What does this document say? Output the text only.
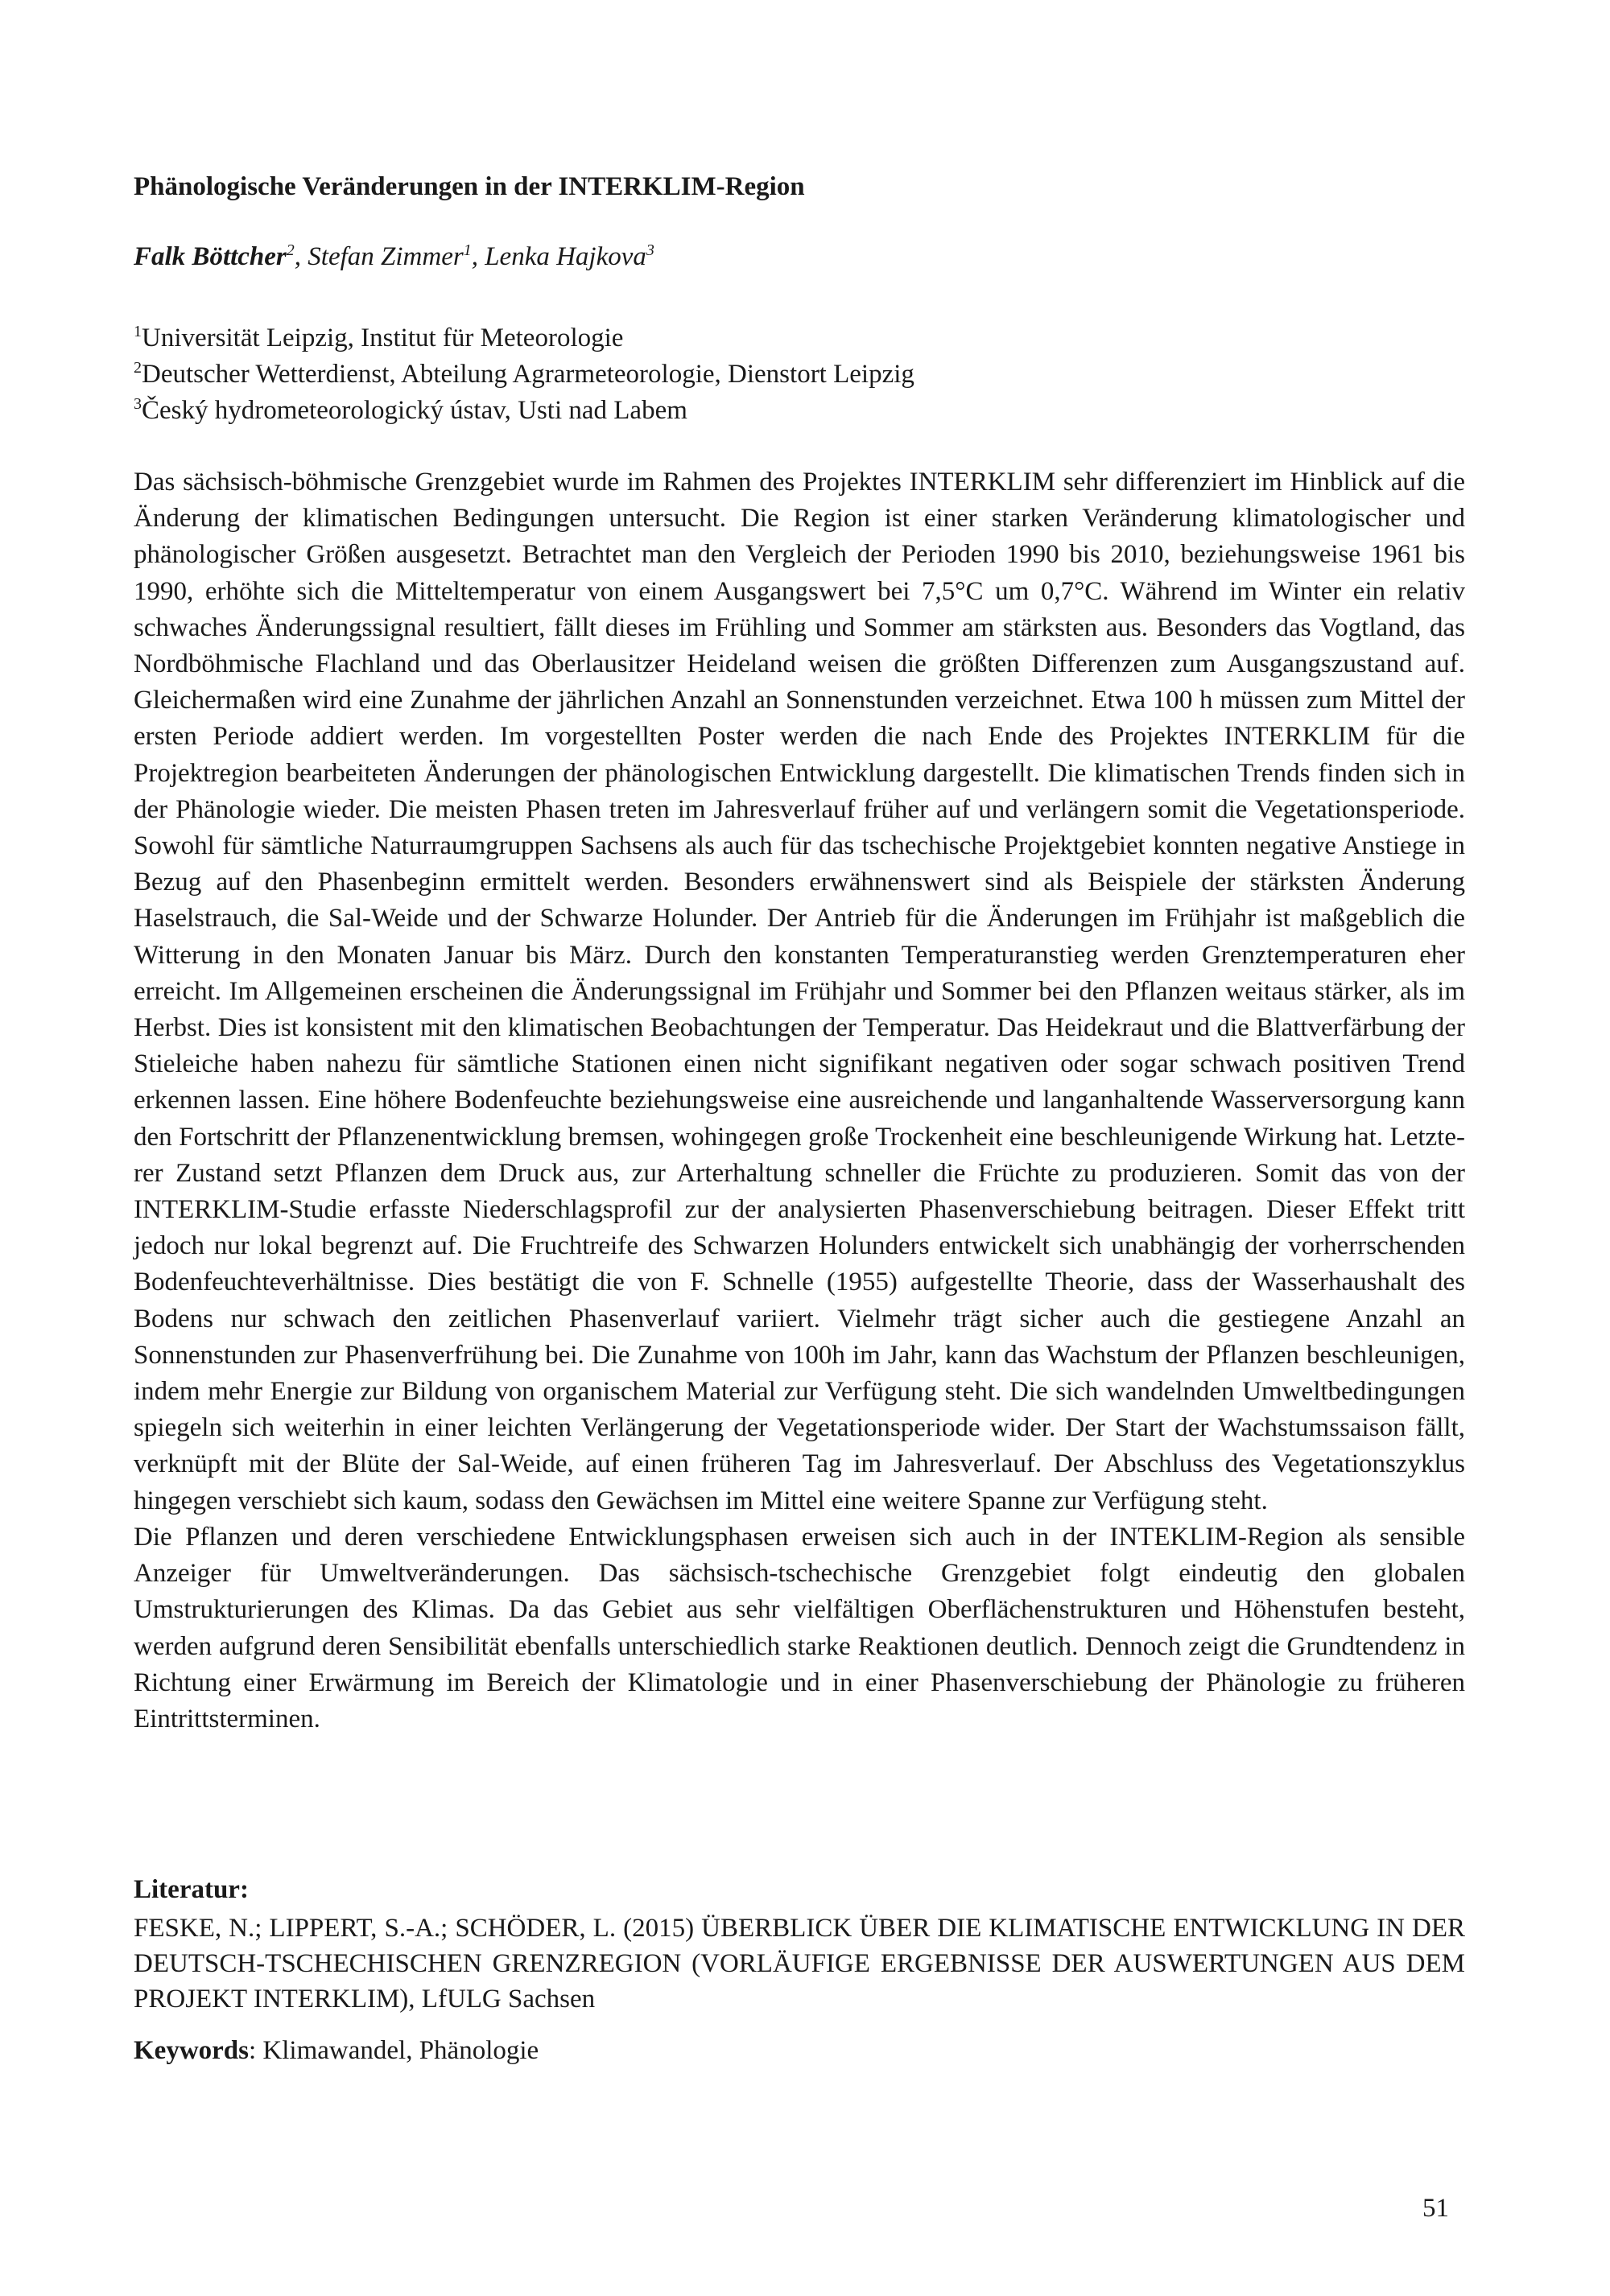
Phänologische Veränderungen in der INTERKLIM-Region
Falk Böttcher$^2$, Stefan Zimmer$^1$, Lenka Hajkova$^3$
$^1$Universität Leipzig, Institut für Meteorologie
$^2$Deutscher Wetterdienst, Abteilung Agrarmeteorologie, Dienstort Leipzig
$^3$Český hydrometeorologický ústav, Usti nad Labem

Das sächsisch-böhmische Grenzgebiet wurde im Rahmen des Projektes INTERKLIM sehr differenziert im Hinblick auf die Änderung der klimatischen Bedingungen untersucht. Die Region ist einer starken Veränderung klimatologischer und phänologischer Größen ausgesetzt. Betrachtet man den Vergleich der Perioden 1990 bis 2010, beziehungsweise 1961 bis 1990, erhöhte sich die Mitteltemperatur von einem Ausgangswert bei 7,5°C um 0,7°C. Während im Winter ein relativ schwaches Änderungssignal resultiert, fällt dieses im Frühling und Sommer am stärksten aus. Besonders das Vogtland, das Nordböhmische Flachland und das Oberlausitzer Heideland weisen die größten Differenzen zum Ausgangszustand auf. Gleichermaßen wird eine Zunahme der jährlichen Anzahl an Sonnenstunden verzeichnet. Etwa 100 h müssen zum Mittel der ersten Periode addiert werden. Im vorgestellten Poster werden die nach Ende des Projektes INTERKLIM für die Projektregion bearbeiteten Änderungen der phänologischen Entwicklung dargestellt. Die klimatischen Trends finden sich in der Phänologie wieder. Die meisten Phasen treten im Jahresverlauf früher auf und verlängern somit die Vegetationsperiode. Sowohl für sämtliche Naturraumgruppen Sachsens als auch für das tschechische Projektgebiet konnten negative Anstiege in Bezug auf den Phasenbeginn ermittelt werden. Besonders erwähnenswert sind als Beispiele der stärksten Änderung Haselstrauch, die Sal-Weide und der Schwarze Holunder. Der Antrieb für die Änderungen im Frühjahr ist maßgeblich die Witterung in den Monaten Januar bis März. Durch den konstanten Temperaturanstieg werden Grenztemperaturen eher erreicht. Im Allgemeinen erscheinen die Änderungssignal im Frühjahr und Sommer bei den Pflanzen weitaus stärker, als im Herbst. Dies ist konsistent mit den klimatischen Beobachtungen der Temperatur. Das Heidekraut und die Blattverfärbung der Stieleiche haben nahezu für sämtliche Stationen einen nicht signifikant negativen oder sogar schwach positiven Trend erkennen lassen. Eine höhere Bodenfeuchte beziehungsweise eine ausreichende und langanhaltende Wasserversorgung kann den Fortschritt der Pflanzenentwicklung bremsen, wohingegen große Trockenheit eine beschleunigende Wirkung hat. Letzterer Zustand setzt Pflanzen dem Druck aus, zur Arterhaltung schneller die Früchte zu produzieren. Somit das von der INTERKLIM-Studie erfasste Niederschlagsprofil zur der analysierten Phasenverschiebung beitragen. Dieser Effekt tritt jedoch nur lokal begrenzt auf. Die Fruchtreife des Schwarzen Holunders entwickelt sich unabhängig der vorherrschenden Bodenfeuchteverhältnisse. Dies bestätigt die von F. Schnelle (1955) aufgestellte Theorie, dass der Wasserhaushalt des Bodens nur schwach den zeitlichen Phasenverlauf variiert. Vielmehr trägt sicher auch die gestiegene Anzahl an Sonnenstunden zur Phasenverfrühung bei. Die Zunahme von 100h im Jahr, kann das Wachstum der Pflanzen beschleunigen, indem mehr Energie zur Bildung von organischem Material zur Verfügung steht. Die sich wandelnden Umweltbedingungen spiegeln sich weiterhin in einer leichten Verlängerung der Vegetationsperiode wider. Der Start der Wachstumssaison fällt, verknüpft mit der Blüte der Sal-Weide, auf einen früheren Tag im Jahresverlauf. Der Abschluss des Vegetationszyklus hingegen verschiebt sich kaum, sodass den Gewächsen im Mittel eine weitere Spanne zur Verfügung steht.

Die Pflanzen und deren verschiedene Entwicklungsphasen erweisen sich auch in der INTEKLIM-Region als sensible Anzeiger für Umweltveränderungen. Das sächsisch-tschechische Grenzgebiet folgt eindeutig den globalen Umstrukturierungen des Klimas. Da das Gebiet aus sehr vielfältigen Oberflächenstrukturen und Höhenstufen besteht, werden aufgrund deren Sensibilität ebenfalls unterschiedlich starke Reaktionen deutlich. Dennoch zeigt die Grundtendenz in Richtung einer Erwärmung im Bereich der Klimatologie und in einer Phasenverschiebung der Phänologie zu früheren Eintrittsterminen.

Literatur:
FESKE, N.; LIPPERT, S.-A.; SCHÖDER, L. (2015) ÜBERBLICK ÜBER DIE KLIMATISCHE ENTWICKLUNG IN DER DEUTSCH-TSCHECHISCHEN GRENZREGION (VORLÄUFIGE ERGEBNISSE DER AUSWERTUNGEN AUS DEM PROJEKT INTERKLIM), LfULG Sachsen
Keywords: Klimawandel, Phänologie
51
